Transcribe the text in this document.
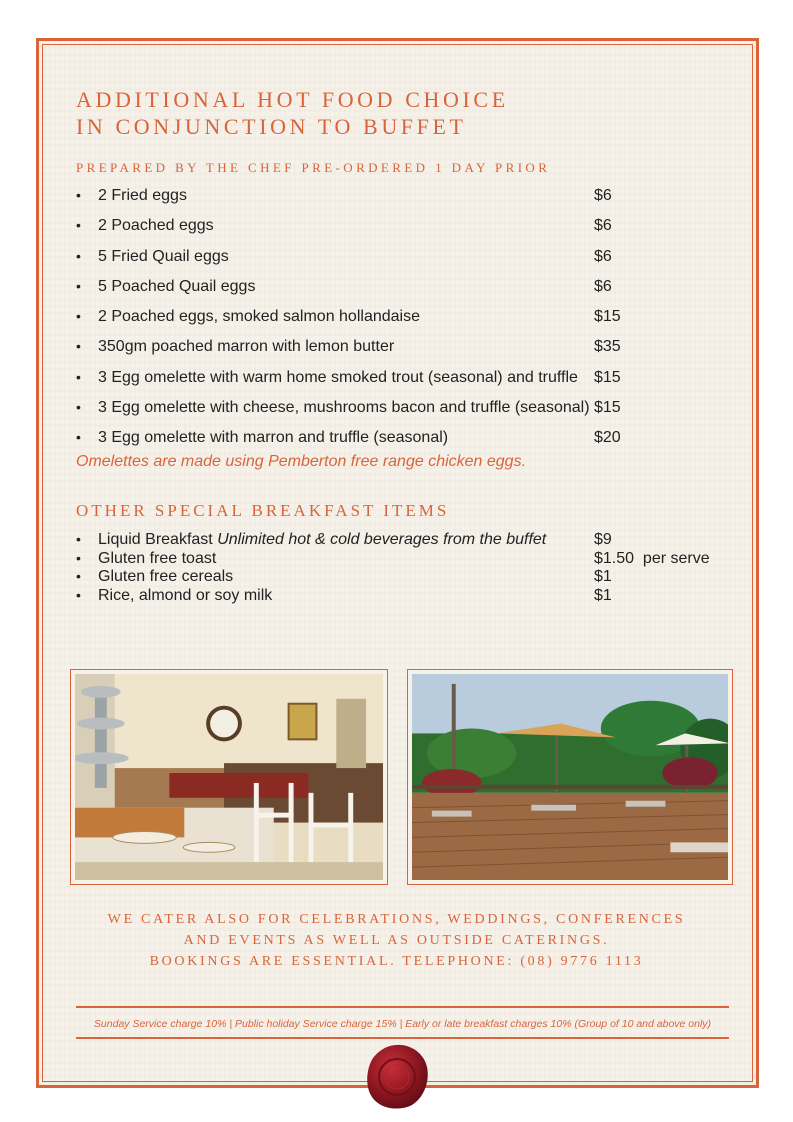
ADDITIONAL HOT FOOD CHOICE
IN CONJUNCTION TO BUFFET
PREPARED BY THE CHEF PRE-ORDERED 1 DAY PRIOR
• 2 Fried eggs	$6
• 2 Poached eggs	$6
• 5 Fried Quail eggs	$6
• 5 Poached Quail eggs	$6
• 2 Poached eggs, smoked salmon hollandaise	$15
• 350gm poached marron with lemon butter	$35
• 3 Egg omelette with warm home smoked trout (seasonal) and truffle $15
• 3 Egg omelette with cheese, mushrooms bacon and truffle (seasonal) $15
• 3 Egg omelette with marron and truffle (seasonal)	$20
Omelettes are made using Pemberton free range chicken eggs.
OTHER SPECIAL BREAKFAST ITEMS
• Liquid Breakfast Unlimited hot & cold beverages from the buffet	$9
• Gluten free toast	$1.50  per serve
• Gluten free cereals	$1
• Rice, almond or soy milk	$1
WE CATER ALSO FOR CELEBRATIONS, WEDDINGS, CONFERENCES
AND EVENTS AS WELL AS OUTSIDE CATERINGS.
BOOKINGS ARE ESSENTIAL. TELEPHONE: (08) 9776 1113
Sunday Service charge 10% | Public holiday Service charge 15% | Early or late breakfast charges 10% (Group of 10 and above only)
